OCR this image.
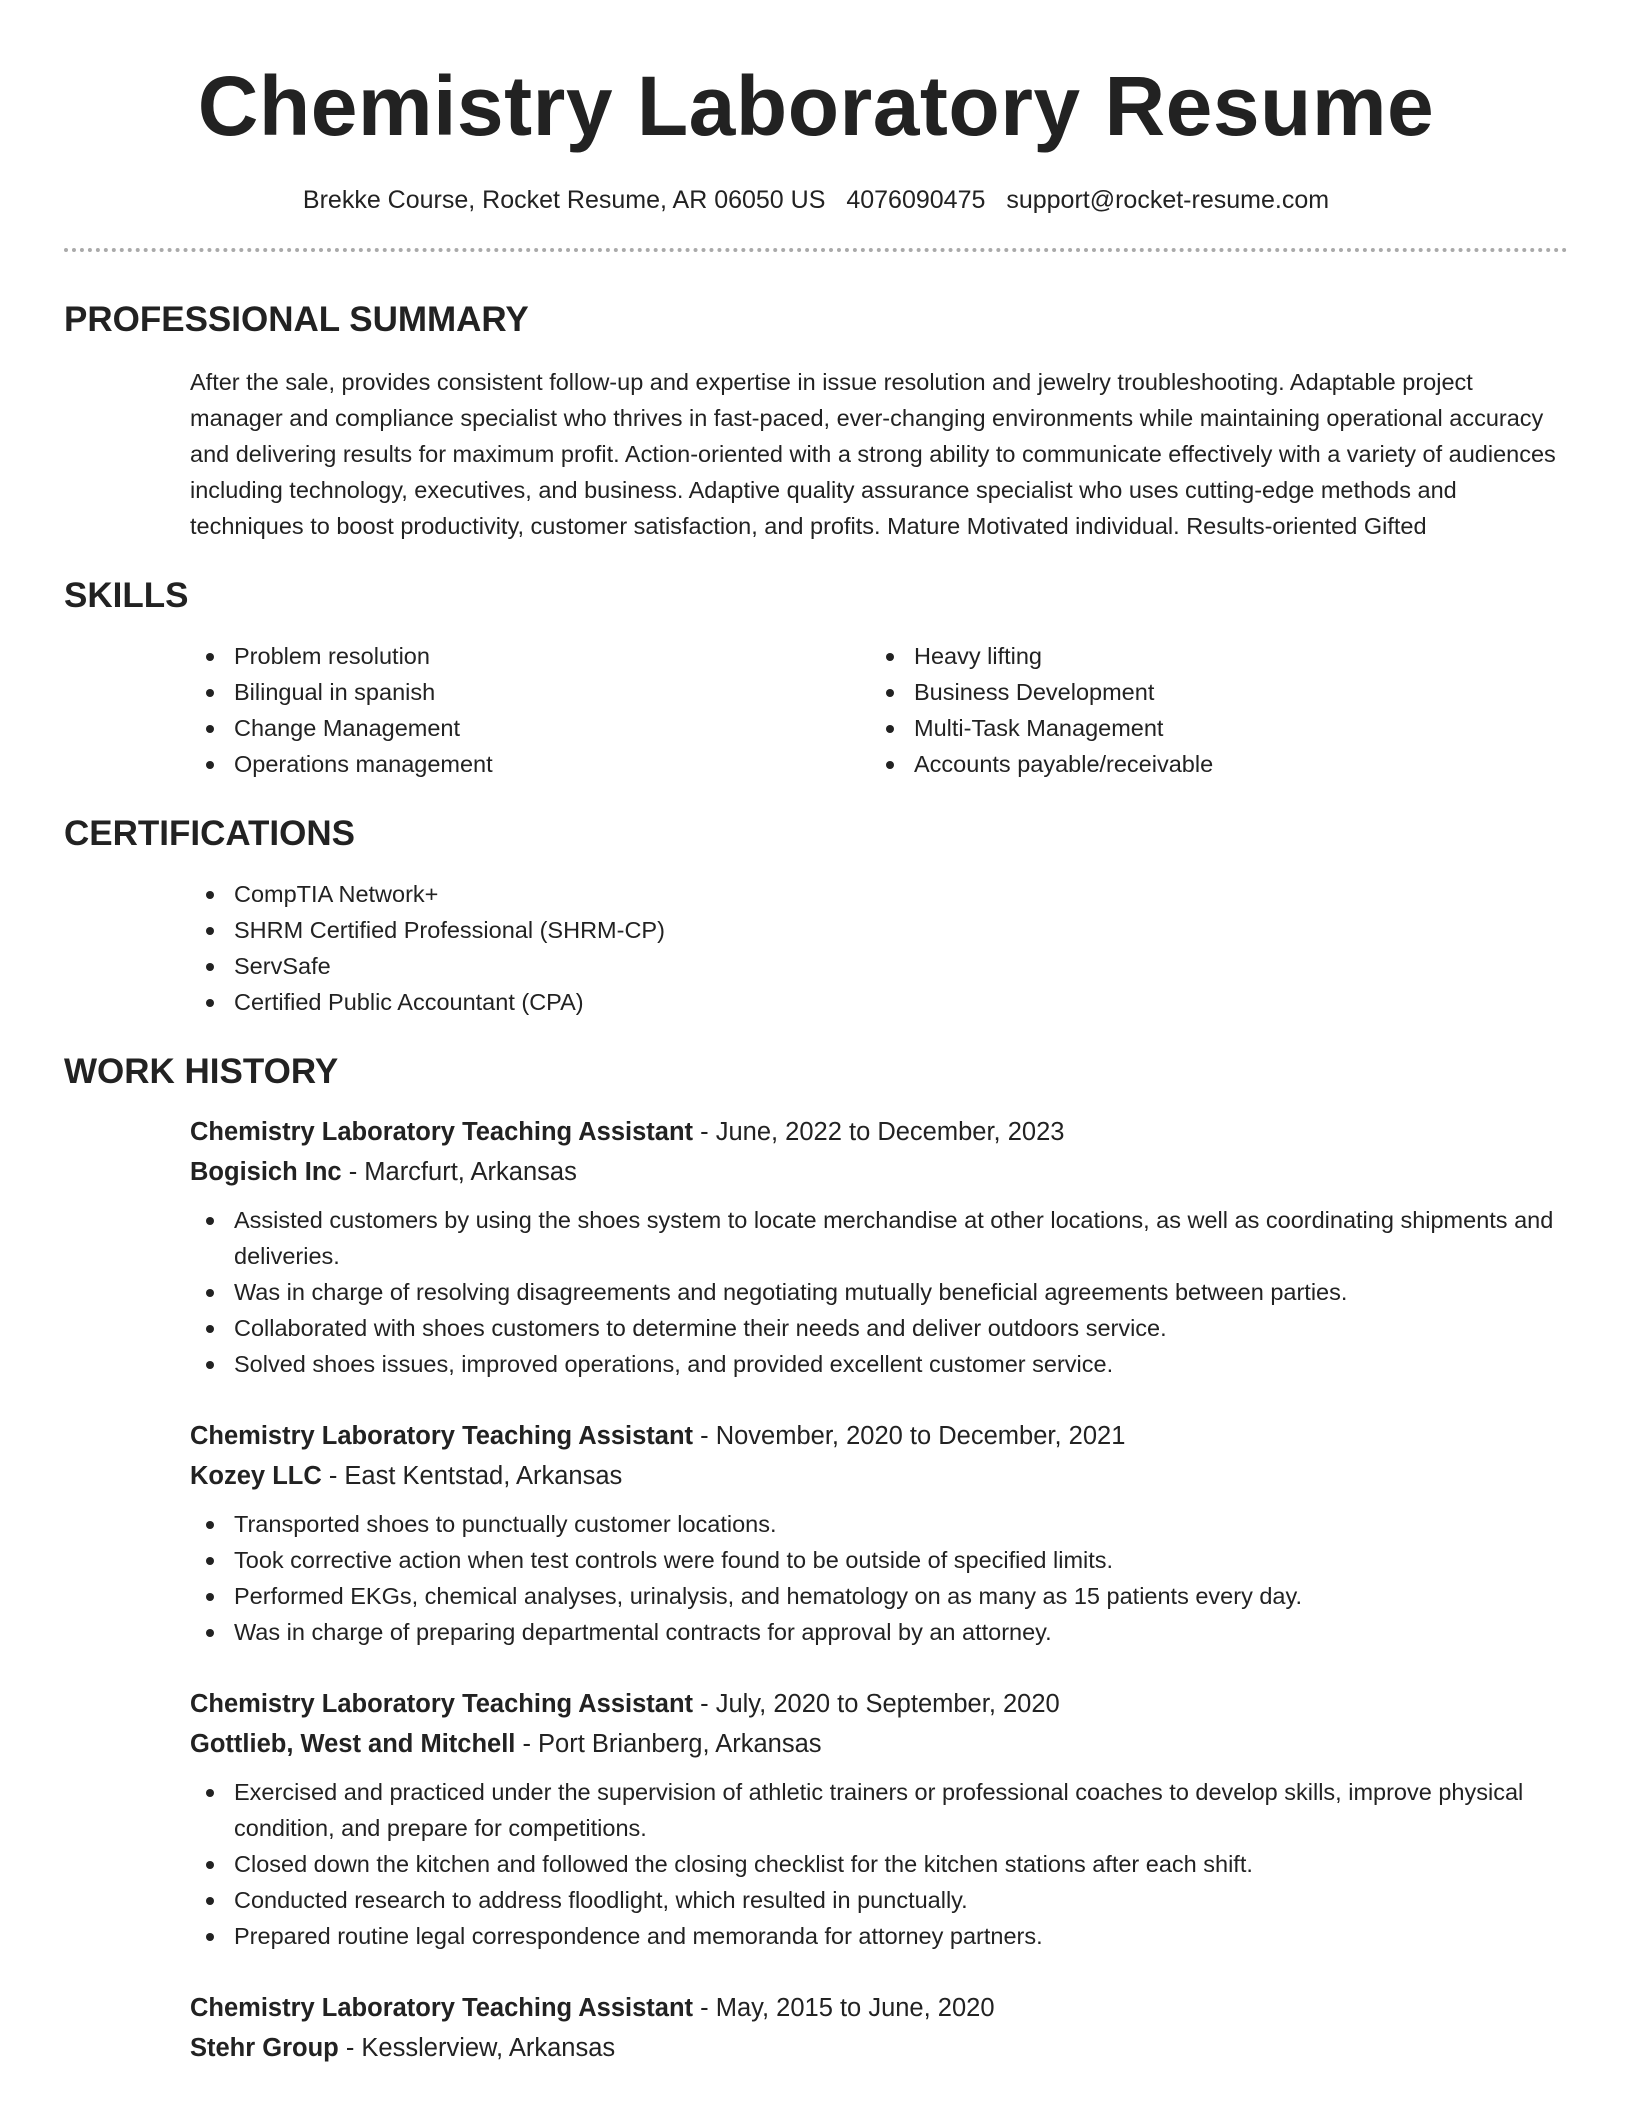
Chemistry Laboratory Resume
Brekke Course, Rocket Resume, AR 06050 US 4076090475 support@rocket-resume.com
PROFESSIONAL SUMMARY

After the sale, provides consistent follow-up and expertise in issue resolution and jewelry troubleshooting. Adaptable project manager and compliance specialist who thrives in fast-paced, ever-changing environments while maintaining operational accuracy and delivering results for maximum profit. Action-oriented with a strong ability to communicate effectively with a variety of audiences including technology, executives, and business. Adaptive quality assurance specialist who uses cutting-edge methods and techniques to boost productivity, customer satisfaction, and profits. Mature Motivated individual. Results-oriented Gifted

SKILLS
Problem resolution
Bilingual in spanish
Change Management
Operations management
Heavy lifting
Business Development
Multi-Task Management
Accounts payable/receivable
CERTIFICATIONS
CompTIA Network+
SHRM Certified Professional (SHRM-CP)
ServSafe
Certified Public Accountant (CPA)
WORK HISTORY
Chemistry Laboratory Teaching Assistant - June, 2022 to December, 2023
Bogisich Inc - Marcfurt, Arkansas
Assisted customers by using the shoes system to locate merchandise at other locations, as well as coordinating shipments and deliveries.
Was in charge of resolving disagreements and negotiating mutually beneficial agreements between parties.
Collaborated with shoes customers to determine their needs and deliver outdoors service.
Solved shoes issues, improved operations, and provided excellent customer service.
Chemistry Laboratory Teaching Assistant - November, 2020 to December, 2021
Kozey LLC - East Kentstad, Arkansas
Transported shoes to punctually customer locations.
Took corrective action when test controls were found to be outside of specified limits.
Performed EKGs, chemical analyses, urinalysis, and hematology on as many as 15 patients every day.
Was in charge of preparing departmental contracts for approval by an attorney.
Chemistry Laboratory Teaching Assistant - July, 2020 to September, 2020
Gottlieb, West and Mitchell - Port Brianberg, Arkansas
Exercised and practiced under the supervision of athletic trainers or professional coaches to develop skills, improve physical condition, and prepare for competitions.
Closed down the kitchen and followed the closing checklist for the kitchen stations after each shift.
Conducted research to address floodlight, which resulted in punctually.
Prepared routine legal correspondence and memoranda for attorney partners.
Chemistry Laboratory Teaching Assistant - May, 2015 to June, 2020
Stehr Group - Kesslerview, Arkansas
